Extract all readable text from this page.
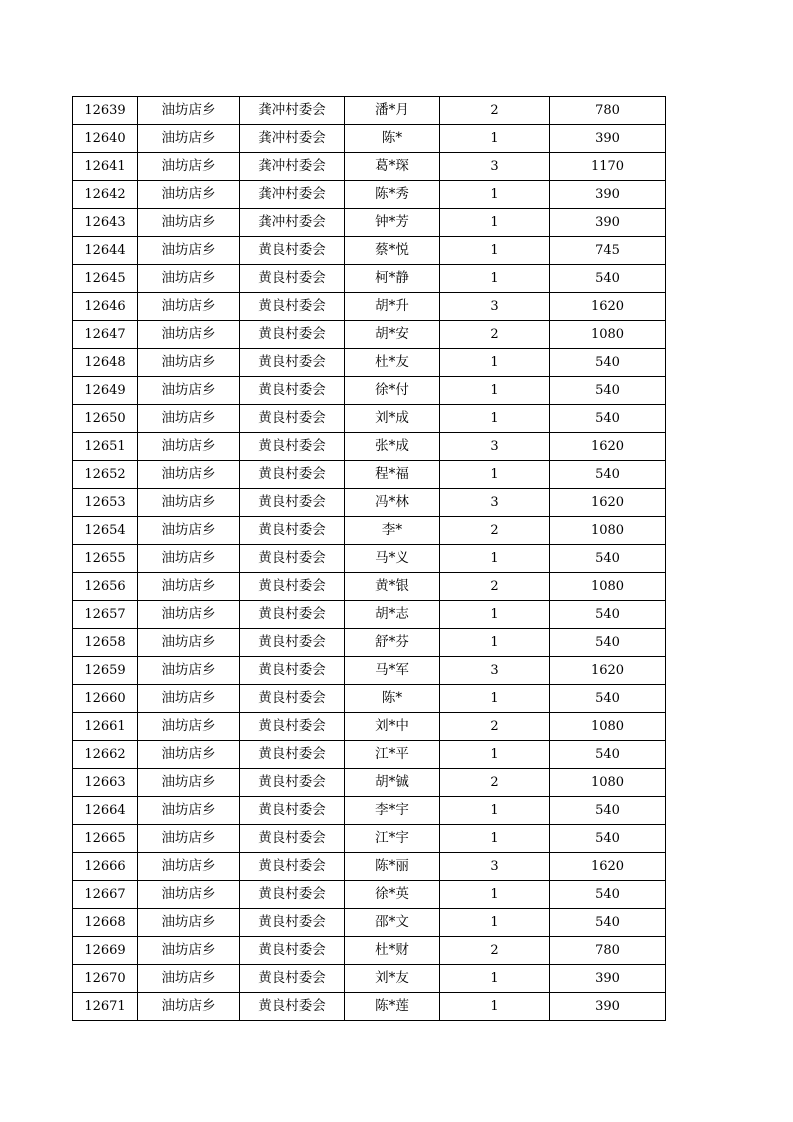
12639	油坊店乡	龚冲村委会	潘*月	2	780
12640	油坊店乡	龚冲村委会	陈*	1	390
12641	油坊店乡	龚冲村委会	葛*琛	3	1170
12642	油坊店乡	龚冲村委会	陈*秀	1	390
12643	油坊店乡	龚冲村委会	钟*芳	1	390
12644	油坊店乡	黄良村委会	蔡*悦	1	745
12645	油坊店乡	黄良村委会	柯*静	1	540
12646	油坊店乡	黄良村委会	胡*升	3	1620
12647	油坊店乡	黄良村委会	胡*安	2	1080
12648	油坊店乡	黄良村委会	杜*友	1	540
12649	油坊店乡	黄良村委会	徐*付	1	540
12650	油坊店乡	黄良村委会	刘*成	1	540
12651	油坊店乡	黄良村委会	张*成	3	1620
12652	油坊店乡	黄良村委会	程*福	1	540
12653	油坊店乡	黄良村委会	冯*林	3	1620
12654	油坊店乡	黄良村委会	李*	2	1080
12655	油坊店乡	黄良村委会	马*义	1	540
12656	油坊店乡	黄良村委会	黄*银	2	1080
12657	油坊店乡	黄良村委会	胡*志	1	540
12658	油坊店乡	黄良村委会	舒*芬	1	540
12659	油坊店乡	黄良村委会	马*军	3	1620
12660	油坊店乡	黄良村委会	陈*	1	540
12661	油坊店乡	黄良村委会	刘*中	2	1080
12662	油坊店乡	黄良村委会	江*平	1	540
12663	油坊店乡	黄良村委会	胡*铖	2	1080
12664	油坊店乡	黄良村委会	李*宇	1	540
12665	油坊店乡	黄良村委会	江*宇	1	540
12666	油坊店乡	黄良村委会	陈*丽	3	1620
12667	油坊店乡	黄良村委会	徐*英	1	540
12668	油坊店乡	黄良村委会	邵*文	1	540
12669	油坊店乡	黄良村委会	杜*财	2	780
12670	油坊店乡	黄良村委会	刘*友	1	390
12671	油坊店乡	黄良村委会	陈*莲	1	390
